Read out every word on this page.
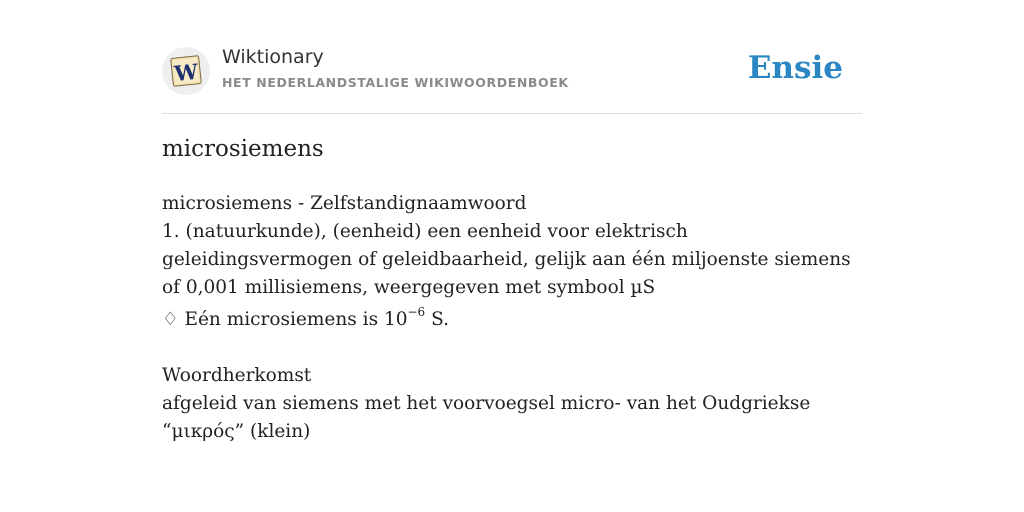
W
Wiktionary
HET NEDERLANDSTALIGE WIKIWOORDENBOEK	Ensie
microsiemens

microsiemens - Zelfstandignaamwoord

1. (natuurkunde), (eenheid) een eenheid voor elektrisch geleidingsvermogen of geleidbaarheid, gelijk aan één miljoenste siemens of 0,001 millisiemens, weergegeven met symbool µS

♢ Eén microsiemens is $10^{-6}$ S.

Woordherkomst

afgeleid van siemens met het voorvoegsel micro- van het Oudgriekse “μικρός” (klein)
